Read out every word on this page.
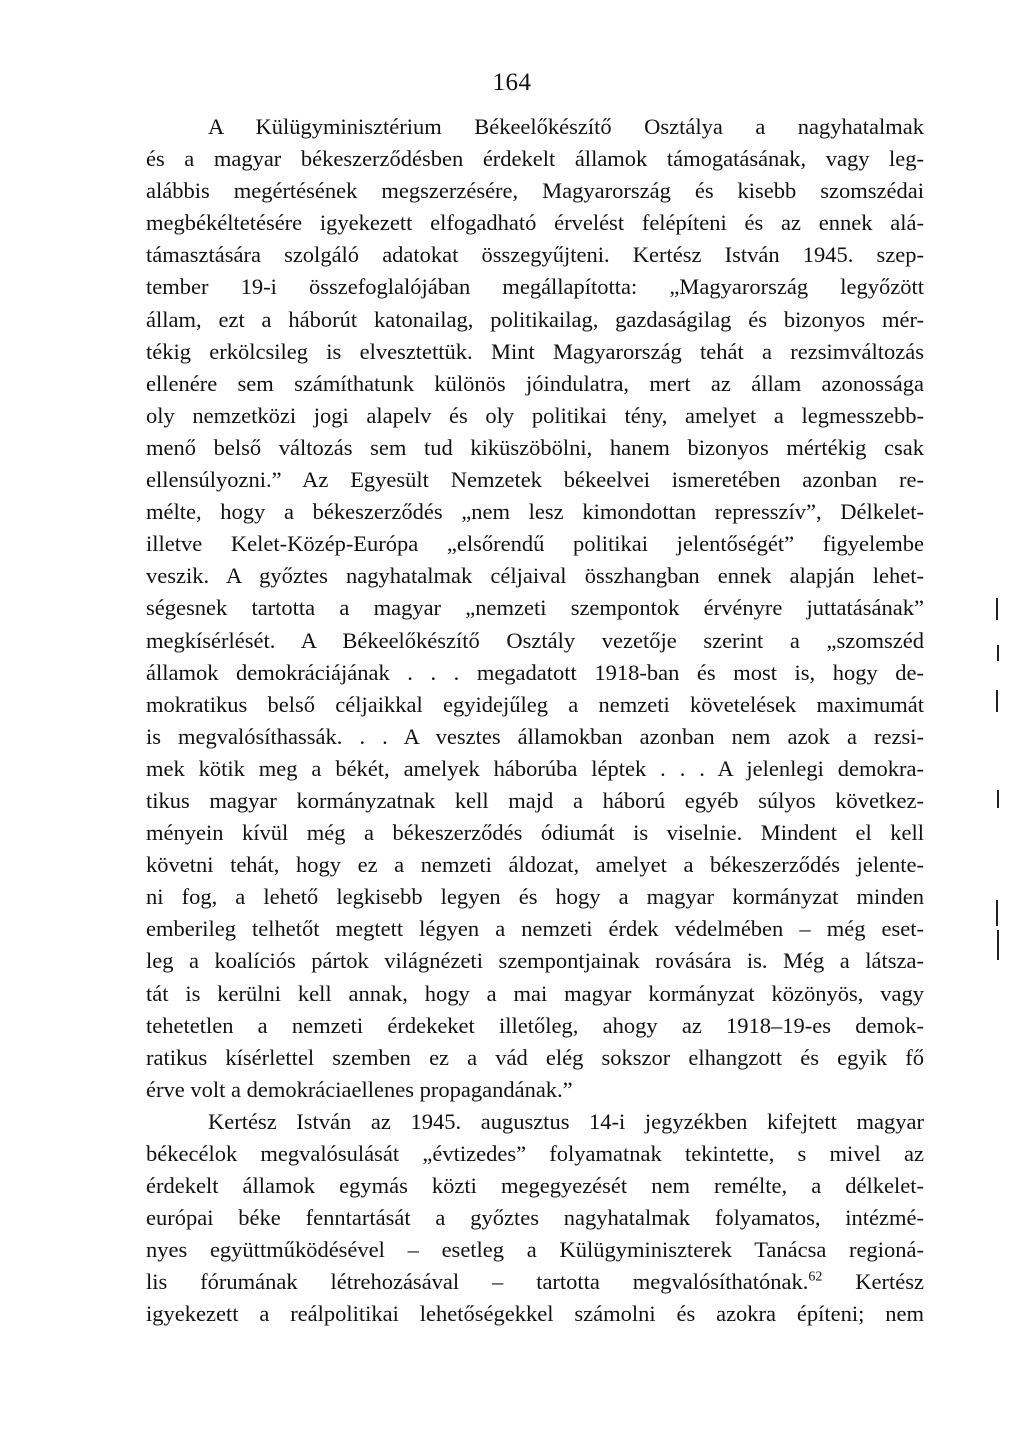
164
A Külügyminisztérium Békeelőkészítő Osztálya a nagyhatalmak
és a magyar békeszerződésben érdekelt államok támogatásának, vagy leg-
alábbis megértésének megszerzésére, Magyarország és kisebb szomszédai
megbékéltetésére igyekezett elfogadható érvelést felépíteni és az ennek alá-
támasztására szolgáló adatokat összegyűjteni. Kertész István 1945. szep-
tember 19-i összefoglalójában megállapította: „Magyarország legyőzött
állam, ezt a háborút katonailag, politikailag, gazdaságilag és bizonyos mér-
tékig erkölcsileg is elvesztettük. Mint Magyarország tehát a rezsimváltozás
ellenére sem számíthatunk különös jóindulatra, mert az állam azonossága
oly nemzetközi jogi alapelv és oly politikai tény, amelyet a legmesszebb-
menő belső változás sem tud kiküszöbölni, hanem bizonyos mértékig csak
ellensúlyozni.” Az Egyesült Nemzetek békeelvei ismeretében azonban re-
mélte, hogy a békeszerződés „nem lesz kimondottan represszív”, Délkelet-
illetve Kelet-Közép-Európa „elsőrendű politikai jelentőségét” figyelembe
veszik. A győztes nagyhatalmak céljaival összhangban ennek alapján lehet-
ségesnek tartotta a magyar „nemzeti szempontok érvényre juttatásának”
megkísérlését. A Békeelőkészítő Osztály vezetője szerint a „szomszéd
államok demokráciájának . . . megadatott 1918-ban és most is, hogy de-
mokratikus belső céljaikkal egyidejűleg a nemzeti követelések maximumát
is megvalósíthassák. . . A vesztes államokban azonban nem azok a rezsi-
mek kötik meg a békét, amelyek háborúba léptek . . . A jelenlegi demokra-
tikus magyar kormányzatnak kell majd a háború egyéb súlyos következ-
ményein kívül még a békeszerződés ódiumát is viselnie. Mindent el kell
követni tehát, hogy ez a nemzeti áldozat, amelyet a békeszerződés jelente-
ni fog, a lehető legkisebb legyen és hogy a magyar kormányzat minden
emberileg telhetőt megtett légyen a nemzeti érdek védelmében – még eset-
leg a koalíciós pártok világnézeti szempontjainak rovására is. Még a látsza-
tát is kerülni kell annak, hogy a mai magyar kormányzat közönyös, vagy
tehetetlen a nemzeti érdekeket illetőleg, ahogy az 1918–19-es demok-
ratikus kísérlettel szemben ez a vád elég sokszor elhangzott és egyik fő
érve volt a demokráciaellenes propagandának.”
Kertész István az 1945. augusztus 14-i jegyzékben kifejtett magyar
békecélok megvalósulását „évtizedes” folyamatnak tekintette, s mivel az
érdekelt államok egymás közti megegyezését nem remélte, a délkelet-
európai béke fenntartását a győztes nagyhatalmak folyamatos, intézmé-
nyes együttműködésével – esetleg a Külügyminiszterek Tanácsa regioná-
lis fórumának létrehozásával – tartotta megvalósíthatónak.$^{62}$ Kertész
igyekezett a reálpolitikai lehetőségekkel számolni és azokra építeni; nem
